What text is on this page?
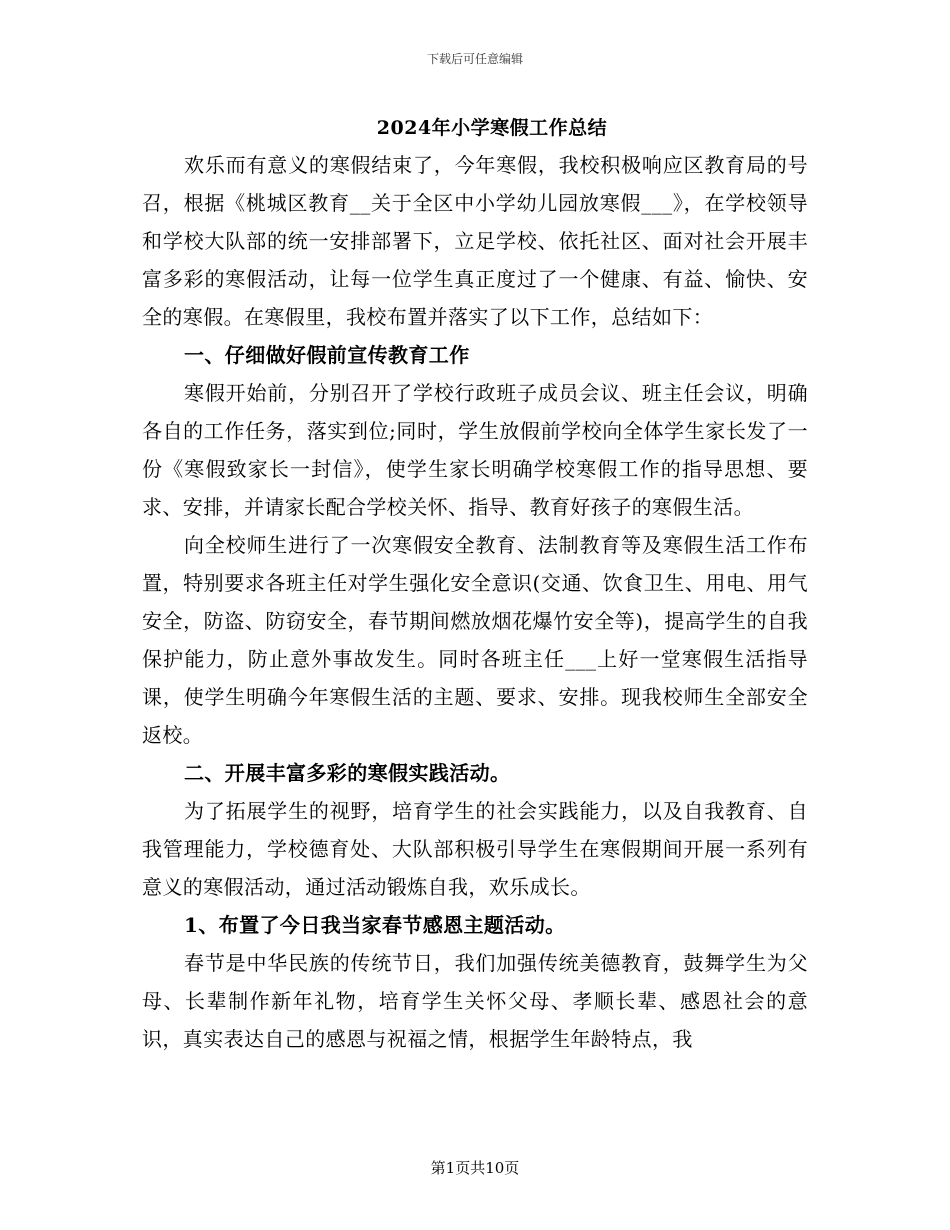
下载后可任意编辑
2024年小学寒假工作总结

欢乐而有意义的寒假结束了，今年寒假，我校积极响应区教育局的号召，根据《桃城区教育__关于全区中小学幼儿园放寒假___》，在学校领导和学校大队部的统一安排部署下，立足学校、依托社区、面对社会开展丰富多彩的寒假活动，让每一位学生真正度过了一个健康、有益、愉快、安全的寒假。在寒假里，我校布置并落实了以下工作，总结如下：

一、仔细做好假前宣传教育工作

寒假开始前，分别召开了学校行政班子成员会议、班主任会议，明确各自的工作任务，落实到位;同时，学生放假前学校向全体学生家长发了一份《寒假致家长一封信》，使学生家长明确学校寒假工作的指导思想、要求、安排，并请家长配合学校关怀、指导、教育好孩子的寒假生活。

向全校师生进行了一次寒假安全教育、法制教育等及寒假生活工作布置，特别要求各班主任对学生强化安全意识(交通、饮食卫生、用电、用气安全，防盗、防窃安全，春节期间燃放烟花爆竹安全等)，提高学生的自我保护能力，防止意外事故发生。同时各班主任___上好一堂寒假生活指导课，使学生明确今年寒假生活的主题、要求、安排。现我校师生全部安全返校。

二、开展丰富多彩的寒假实践活动。

为了拓展学生的视野，培育学生的社会实践能力，以及自我教育、自我管理能力，学校德育处、大队部积极引导学生在寒假期间开展一系列有意义的寒假活动，通过活动锻炼自我，欢乐成长。

1、布置了今日我当家春节感恩主题活动。

春节是中华民族的传统节日，我们加强传统美德教育，鼓舞学生为父母、长辈制作新年礼物，培育学生关怀父母、孝顺长辈、感恩社会的意识，真实表达自己的感恩与祝福之情，根据学生年龄特点，我

第1页共10页
